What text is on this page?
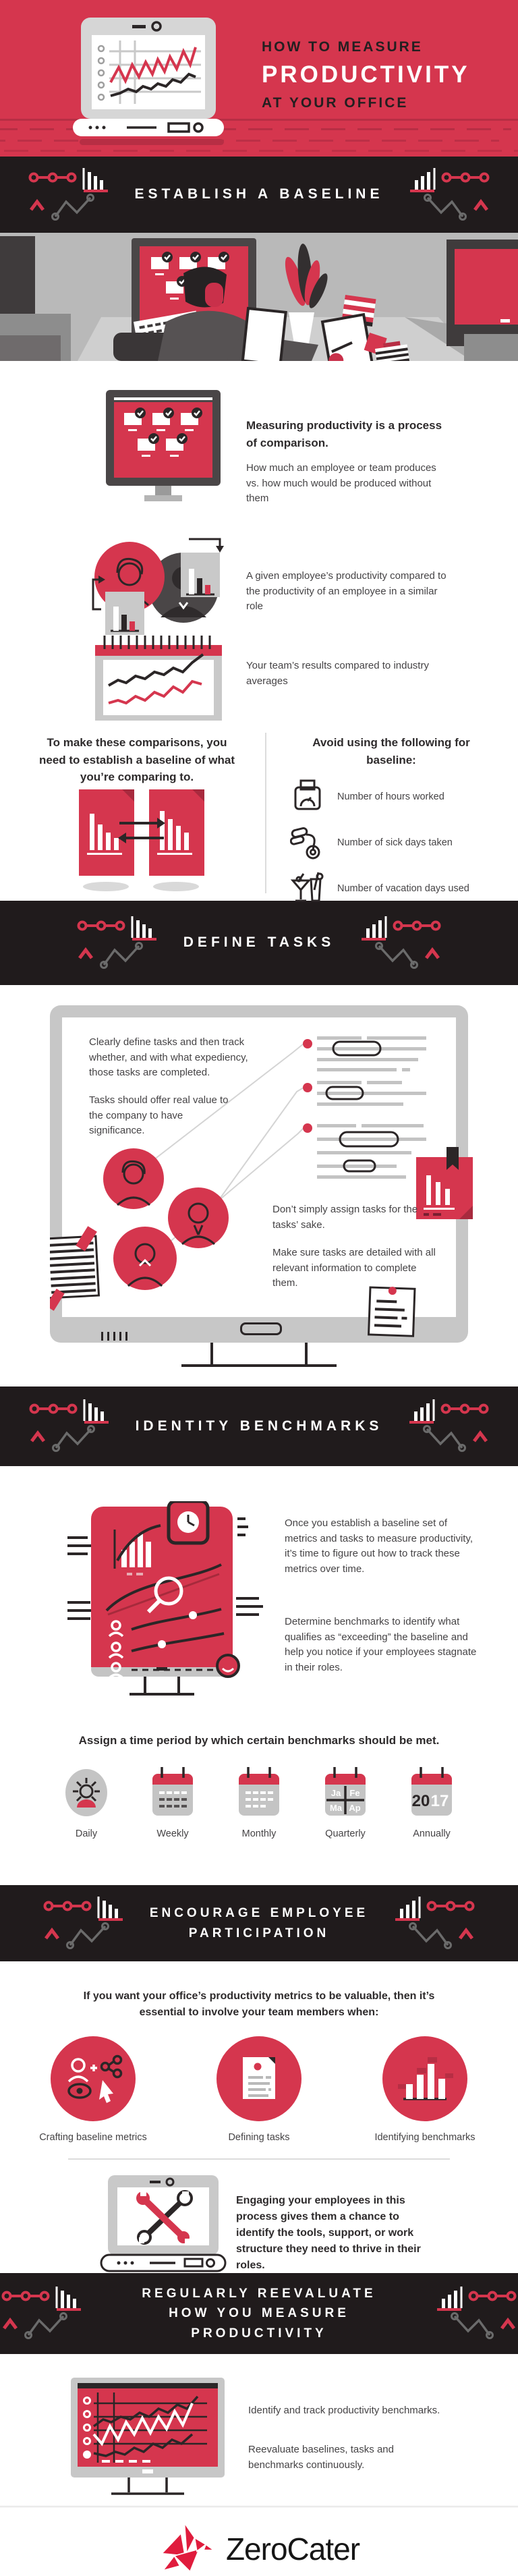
HOW TO MEASURE
PRODUCTIVITY
AT YOUR OFFICE
ESTABLISH A BASELINE
Measuring productivity is a process of comparison.
How much an employee or team produces vs. how much would be produced without them
A given employee’s productivity compared to the productivity of an employee in a similar role
Your team’s results compared to industry averages
To make these comparisons, you need to establish a baseline of what you’re comparing to.
Avoid using the following for baseline:
Number of hours worked
Number of sick days taken
Number of vacation days used
DEFINE TASKS
Clearly define tasks and then track whether, and with what expediency, those tasks are completed.
Tasks should offer real value to the company to have significance.
Don’t simply assign tasks for the tasks’ sake.
Make sure tasks are detailed with all relevant information to complete them.
IDENTITY BENCHMARKS
Once you establish a baseline set of metrics and tasks to measure productivity, it’s time to figure out how to track these metrics over time.
Determine benchmarks to identify what qualifies as “exceeding” the baseline and help you notice if your employees stagnate in their roles.
Assign a time period by which certain benchmarks should be met.
Daily	Weekly	Monthly
Ja Fe
Ma Ap
Quarterly
20 17
Annually
ENCOURAGE EMPLOYEE
PARTICIPATION
If you want your office’s productivity metrics to be valuable, then it’s essential to involve your team members when:
Crafting baseline metrics	Defining tasks	Identifying benchmarks
Engaging your employees in this process gives them a chance to identify the tools, support, or work structure they need to thrive in their roles.
REGULARLY REEVALUATE
HOW YOU MEASURE PRODUCTIVITY
Identify and track productivity benchmarks.
Reevaluate baselines, tasks and benchmarks continuously.
ZeroCater
